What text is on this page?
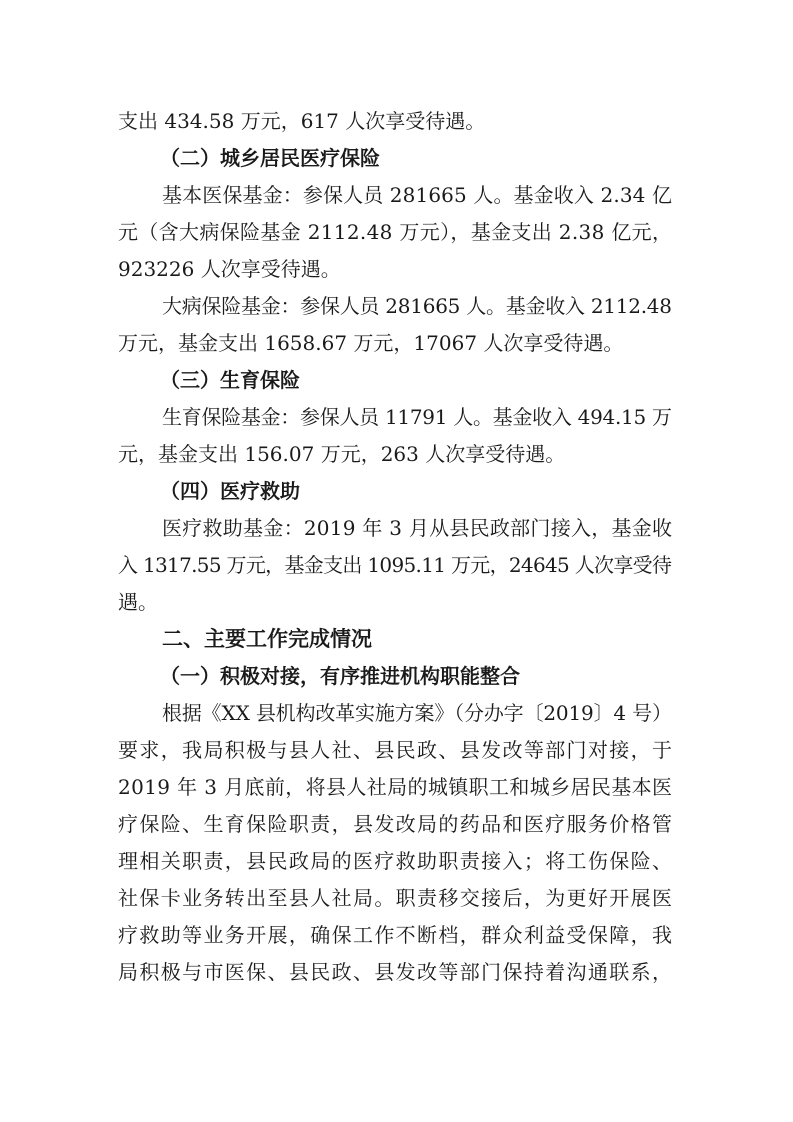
支出 434.58 万元，617 人次享受待遇。
（二）城乡居民医疗保险
基本医保基金：参保人员 281665 人。基金收入 2.34 亿
元（含大病保险基金 2112.48 万元），基金支出 2.38 亿元，
923226 人次享受待遇。
大病保险基金：参保人员 281665 人。基金收入 2112.48
万元，基金支出 1658.67 万元，17067 人次享受待遇。
（三）生育保险
生育保险基金：参保人员 11791 人。基金收入 494.15 万
元，基金支出 156.07 万元，263 人次享受待遇。
（四）医疗救助
医疗救助基金：2019 年 3 月从县民政部门接入，基金收
入 1317.55 万元，基金支出 1095.11 万元，24645 人次享受待
遇。
二、主要工作完成情况
（一）积极对接，有序推进机构职能整合
根据《XX 县机构改革实施方案》（分办字〔2019〕4 号）
要求，我局积极与县人社、县民政、县发改等部门对接，于
2019 年 3 月底前，将县人社局的城镇职工和城乡居民基本医
疗保险、生育保险职责，县发改局的药品和医疗服务价格管
理相关职责，县民政局的医疗救助职责接入；将工伤保险、
社保卡业务转出至县人社局。职责移交接后，为更好开展医
疗救助等业务开展，确保工作不断档，群众利益受保障，我
局积极与市医保、县民政、县发改等部门保持着沟通联系，
